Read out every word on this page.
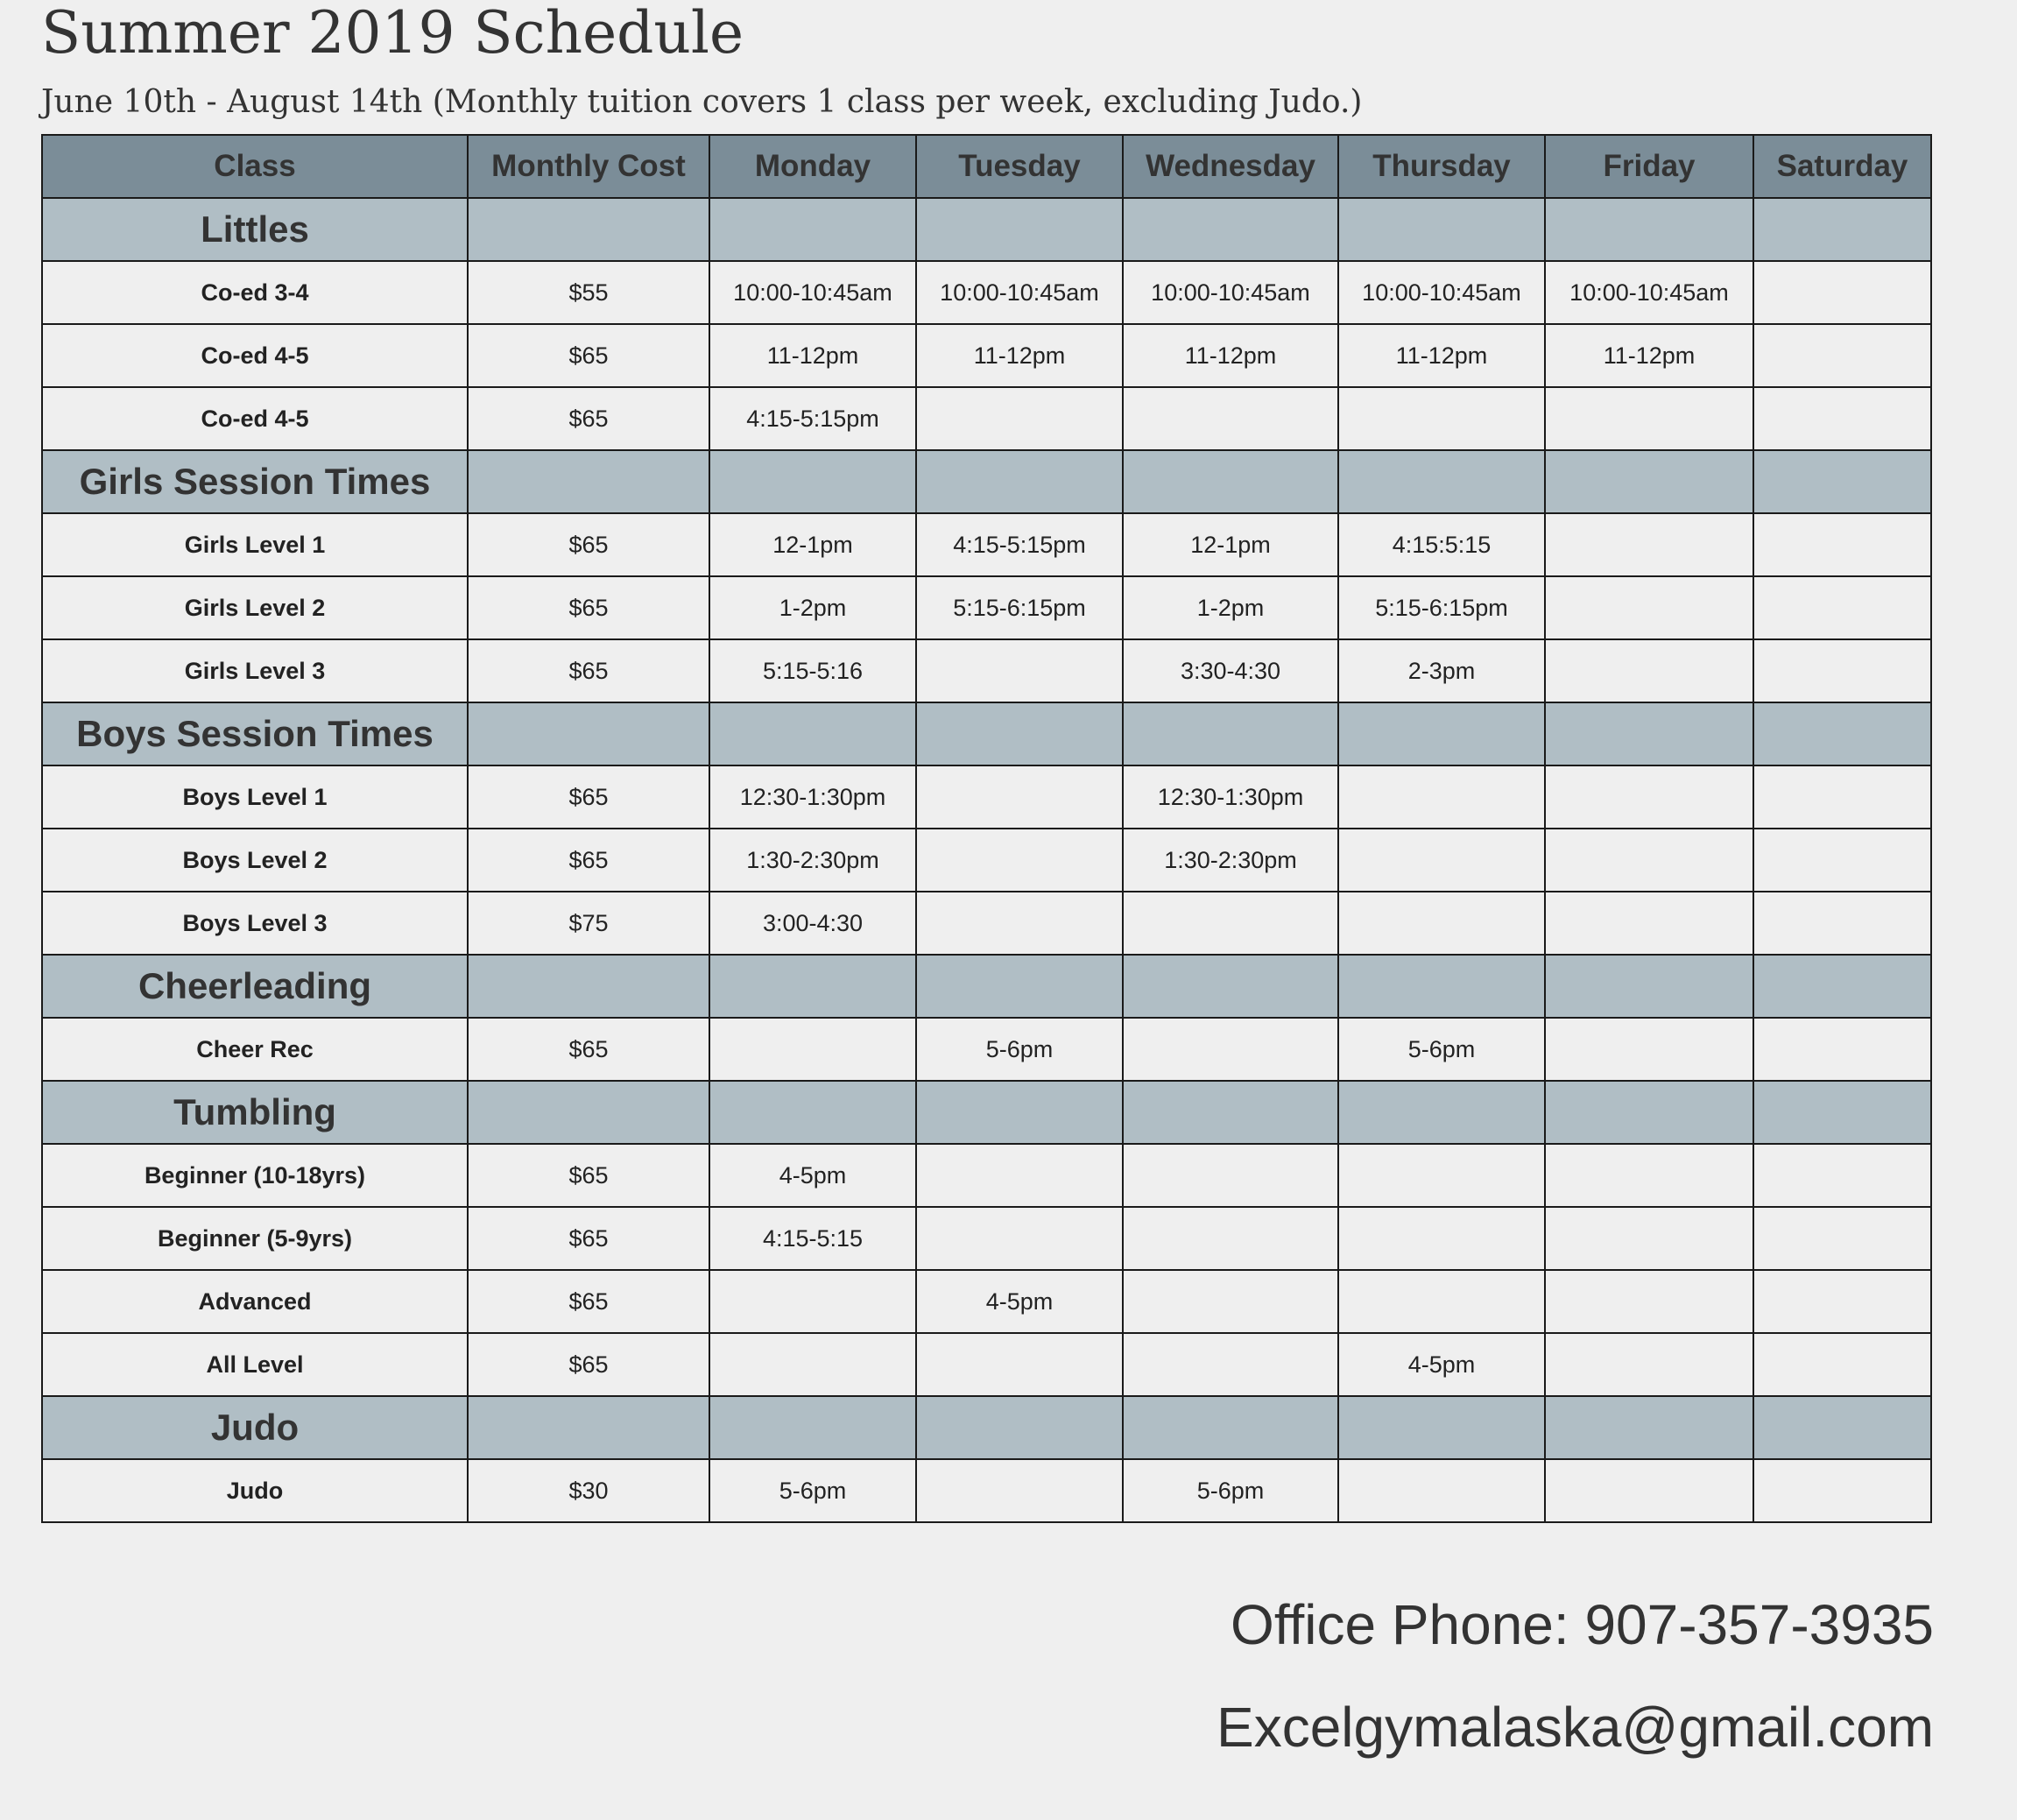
Summer 2019 Schedule
June 10th - August 14th (Monthly tuition covers 1 class per week, excluding Judo.)
Class	Monthly Cost	Monday	Tuesday	Wednesday	Thursday	Friday	Saturday
Littles							
Co-ed 3-4	$55	10:00-10:45am	10:00-10:45am	10:00-10:45am	10:00-10:45am	10:00-10:45am	
Co-ed 4-5	$65	11-12pm	11-12pm	11-12pm	11-12pm	11-12pm	
Co-ed 4-5	$65	4:15-5:15pm					
Girls Session Times							
Girls Level 1	$65	12-1pm	4:15-5:15pm	12-1pm	4:15:5:15		
Girls Level 2	$65	1-2pm	5:15-6:15pm	1-2pm	5:15-6:15pm		
Girls Level 3	$65	5:15-5:16		3:30-4:30	2-3pm		
Boys Session Times							
Boys Level 1	$65	12:30-1:30pm		12:30-1:30pm			
Boys Level 2	$65	1:30-2:30pm		1:30-2:30pm			
Boys Level 3	$75	3:00-4:30					
Cheerleading							
Cheer Rec	$65		5-6pm		5-6pm		
Tumbling							
Beginner (10-18yrs)	$65	4-5pm					
Beginner (5-9yrs)	$65	4:15-5:15					
Advanced	$65		4-5pm				
All Level	$65				4-5pm		
Judo							
Judo	$30	5-6pm		5-6pm			
Office Phone: 907-357-3935
Excelgymalaska@gmail.com
